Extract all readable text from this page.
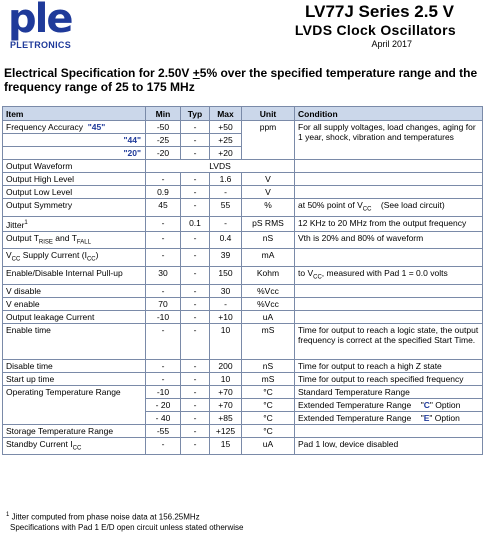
ple
PLETRONICS
LV77J Series 2.5 V
LVDS Clock Oscillators
April 2017
Electrical Specification for 2.50V +5% over the specified temperature range and the frequency range of 25 to 175 MHz
Item	Min	Typ	Max	Unit	Condition
Frequency Accuracy "45"	-50	-	+50	ppm	For all supply voltages, load changes, aging for 1 year, shock, vibration and temperatures
"44"	-25	-	+25		
"20"	-20	-	+20		
Output Waveform	LVDS				
Output High Level	-	-	1.6	V	
Output Low Level	0.9	-	-	V	
Output Symmetry	45	-	55	%	at 50% point of $V_{CC}$    (See load circuit)
Jitter$^1$	-	0.1	-	pS RMS	12 KHz to 20 MHz from the output frequency
Output $T_{RISE}$ and $T_{FALL}$	-	-	0.4	nS	Vth is 20% and 80% of waveform
$V_{CC}$ Supply Current $(I_{CC})$	-	-	39	mA	
Enable/Disable Internal Pull-up	30	-	150	Kohm	to $V_{CC}$, measured with Pad 1 = 0.0 volts
V disable	-	-	30	%Vcc	
V enable	70	-	-	%Vcc	
Output leakage Current	-10	-	+10	uA	
Enable time	-	-	10	mS	Time for output to reach a logic state, the output frequency is correct at the specified Start Time.
Disable time	-	-	200	nS	Time for output to reach a high Z state
Start up time	-	-	10	mS	Time for output to reach specified frequency
Operating Temperature Range	-10	-	+70	°C	Standard Temperature Range
	- 20	-	+70	°C	Extended Temperature Range "C" Option
	- 40	-	+85	°C	Extended Temperature Range "E" Option
Storage Temperature Range	-55	-	+125	°C	
Standby Current $I_{CC}$	-	-	15	uA	Pad 1 low, device disabled
$^1$ Jitter computed from phase noise data at 156.25MHz
Specifications with Pad 1 E/D open circuit unless stated otherwise
